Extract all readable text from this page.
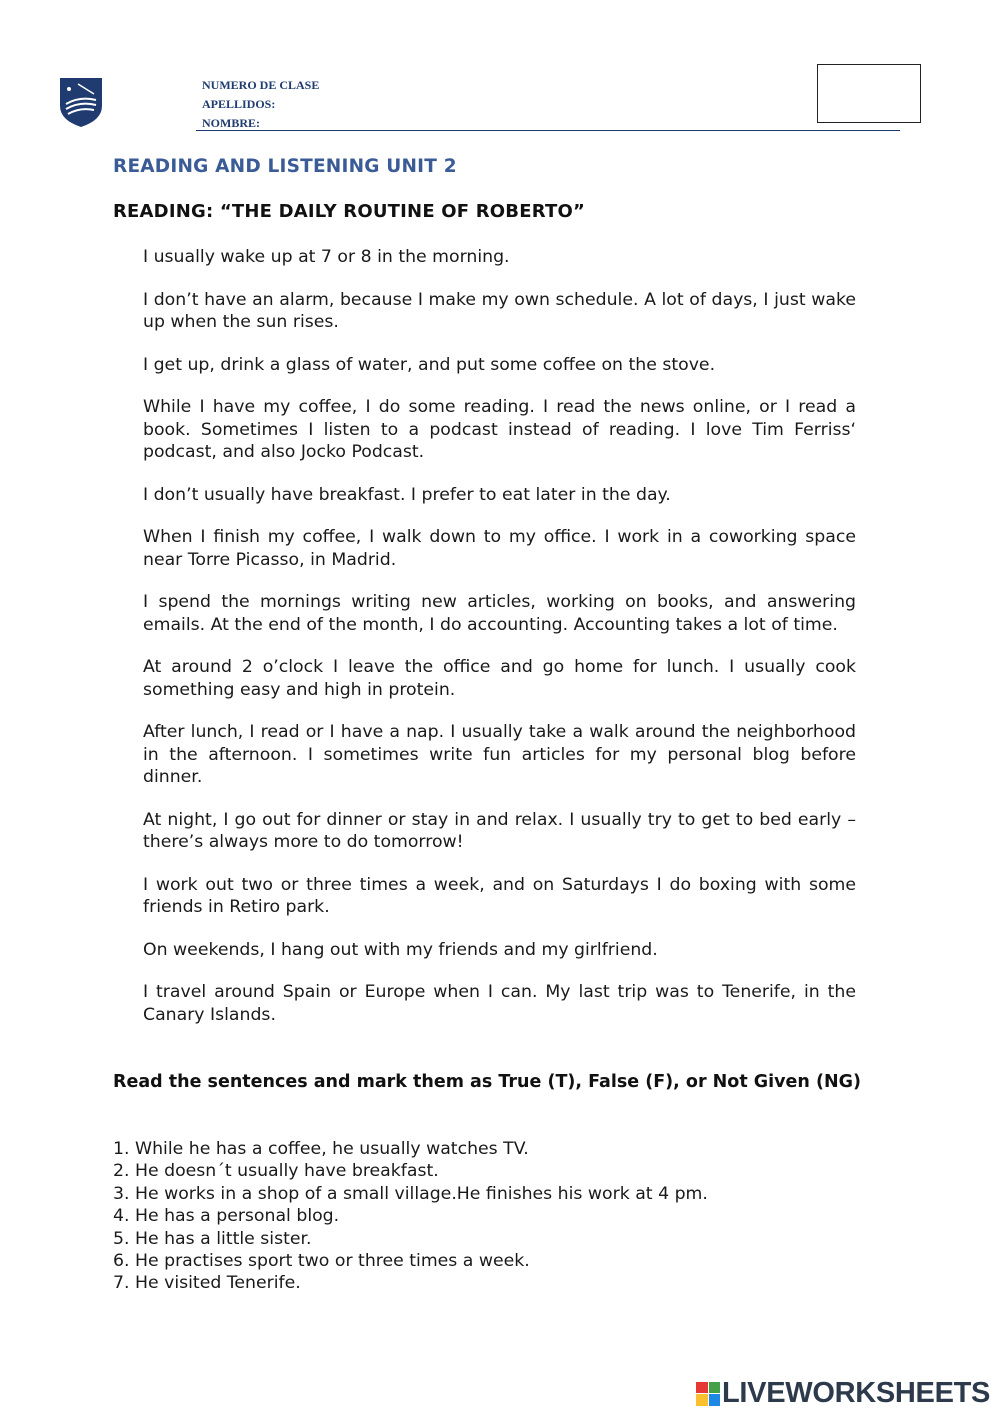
NUMERO DE CLASE
APELLIDOS:
NOMBRE:
READING AND LISTENING UNIT 2
READING: “THE DAILY ROUTINE OF ROBERTO”

I usually wake up at 7 or 8 in the morning.

I don’t have an alarm, because I make my own schedule. A lot of days, I just wake up when the sun rises.

I get up, drink a glass of water, and put some coffee on the stove.

While I have my coffee, I do some reading. I read the news online, or I read a book. Sometimes I listen to a podcast instead of reading. I love Tim Ferriss‘ podcast, and also Jocko Podcast.

I don’t usually have breakfast. I prefer to eat later in the day.

When I finish my coffee, I walk down to my office. I work in a coworking space near Torre Picasso, in Madrid.

I spend the mornings writing new articles, working on books, and answering emails. At the end of the month, I do accounting. Accounting takes a lot of time.

At around 2 o’clock I leave the office and go home for lunch. I usually cook something easy and high in protein.

After lunch, I read or I have a nap. I usually take a walk around the neighborhood in the afternoon. I sometimes write fun articles for my personal blog before dinner.

At night, I go out for dinner or stay in and relax. I usually try to get to bed early – there’s always more to do tomorrow!

I work out two or three times a week, and on Saturdays I do boxing with some friends in Retiro park.

On weekends, I hang out with my friends and my girlfriend.

I travel around Spain or Europe when I can. My last trip was to Tenerife, in the Canary Islands.

Read the sentences and mark them as True (T), False (F), or Not Given (NG)
1. While he has a coffee, he usually watches TV.
2. He doesn´t usually have breakfast.
3. He works in a shop of a small village.He finishes his work at 4 pm.
4. He has a personal blog.
5. He has a little sister.
6. He practises sport two or three times a week.
7. He visited Tenerife.
LIVEWORKSHEETS
